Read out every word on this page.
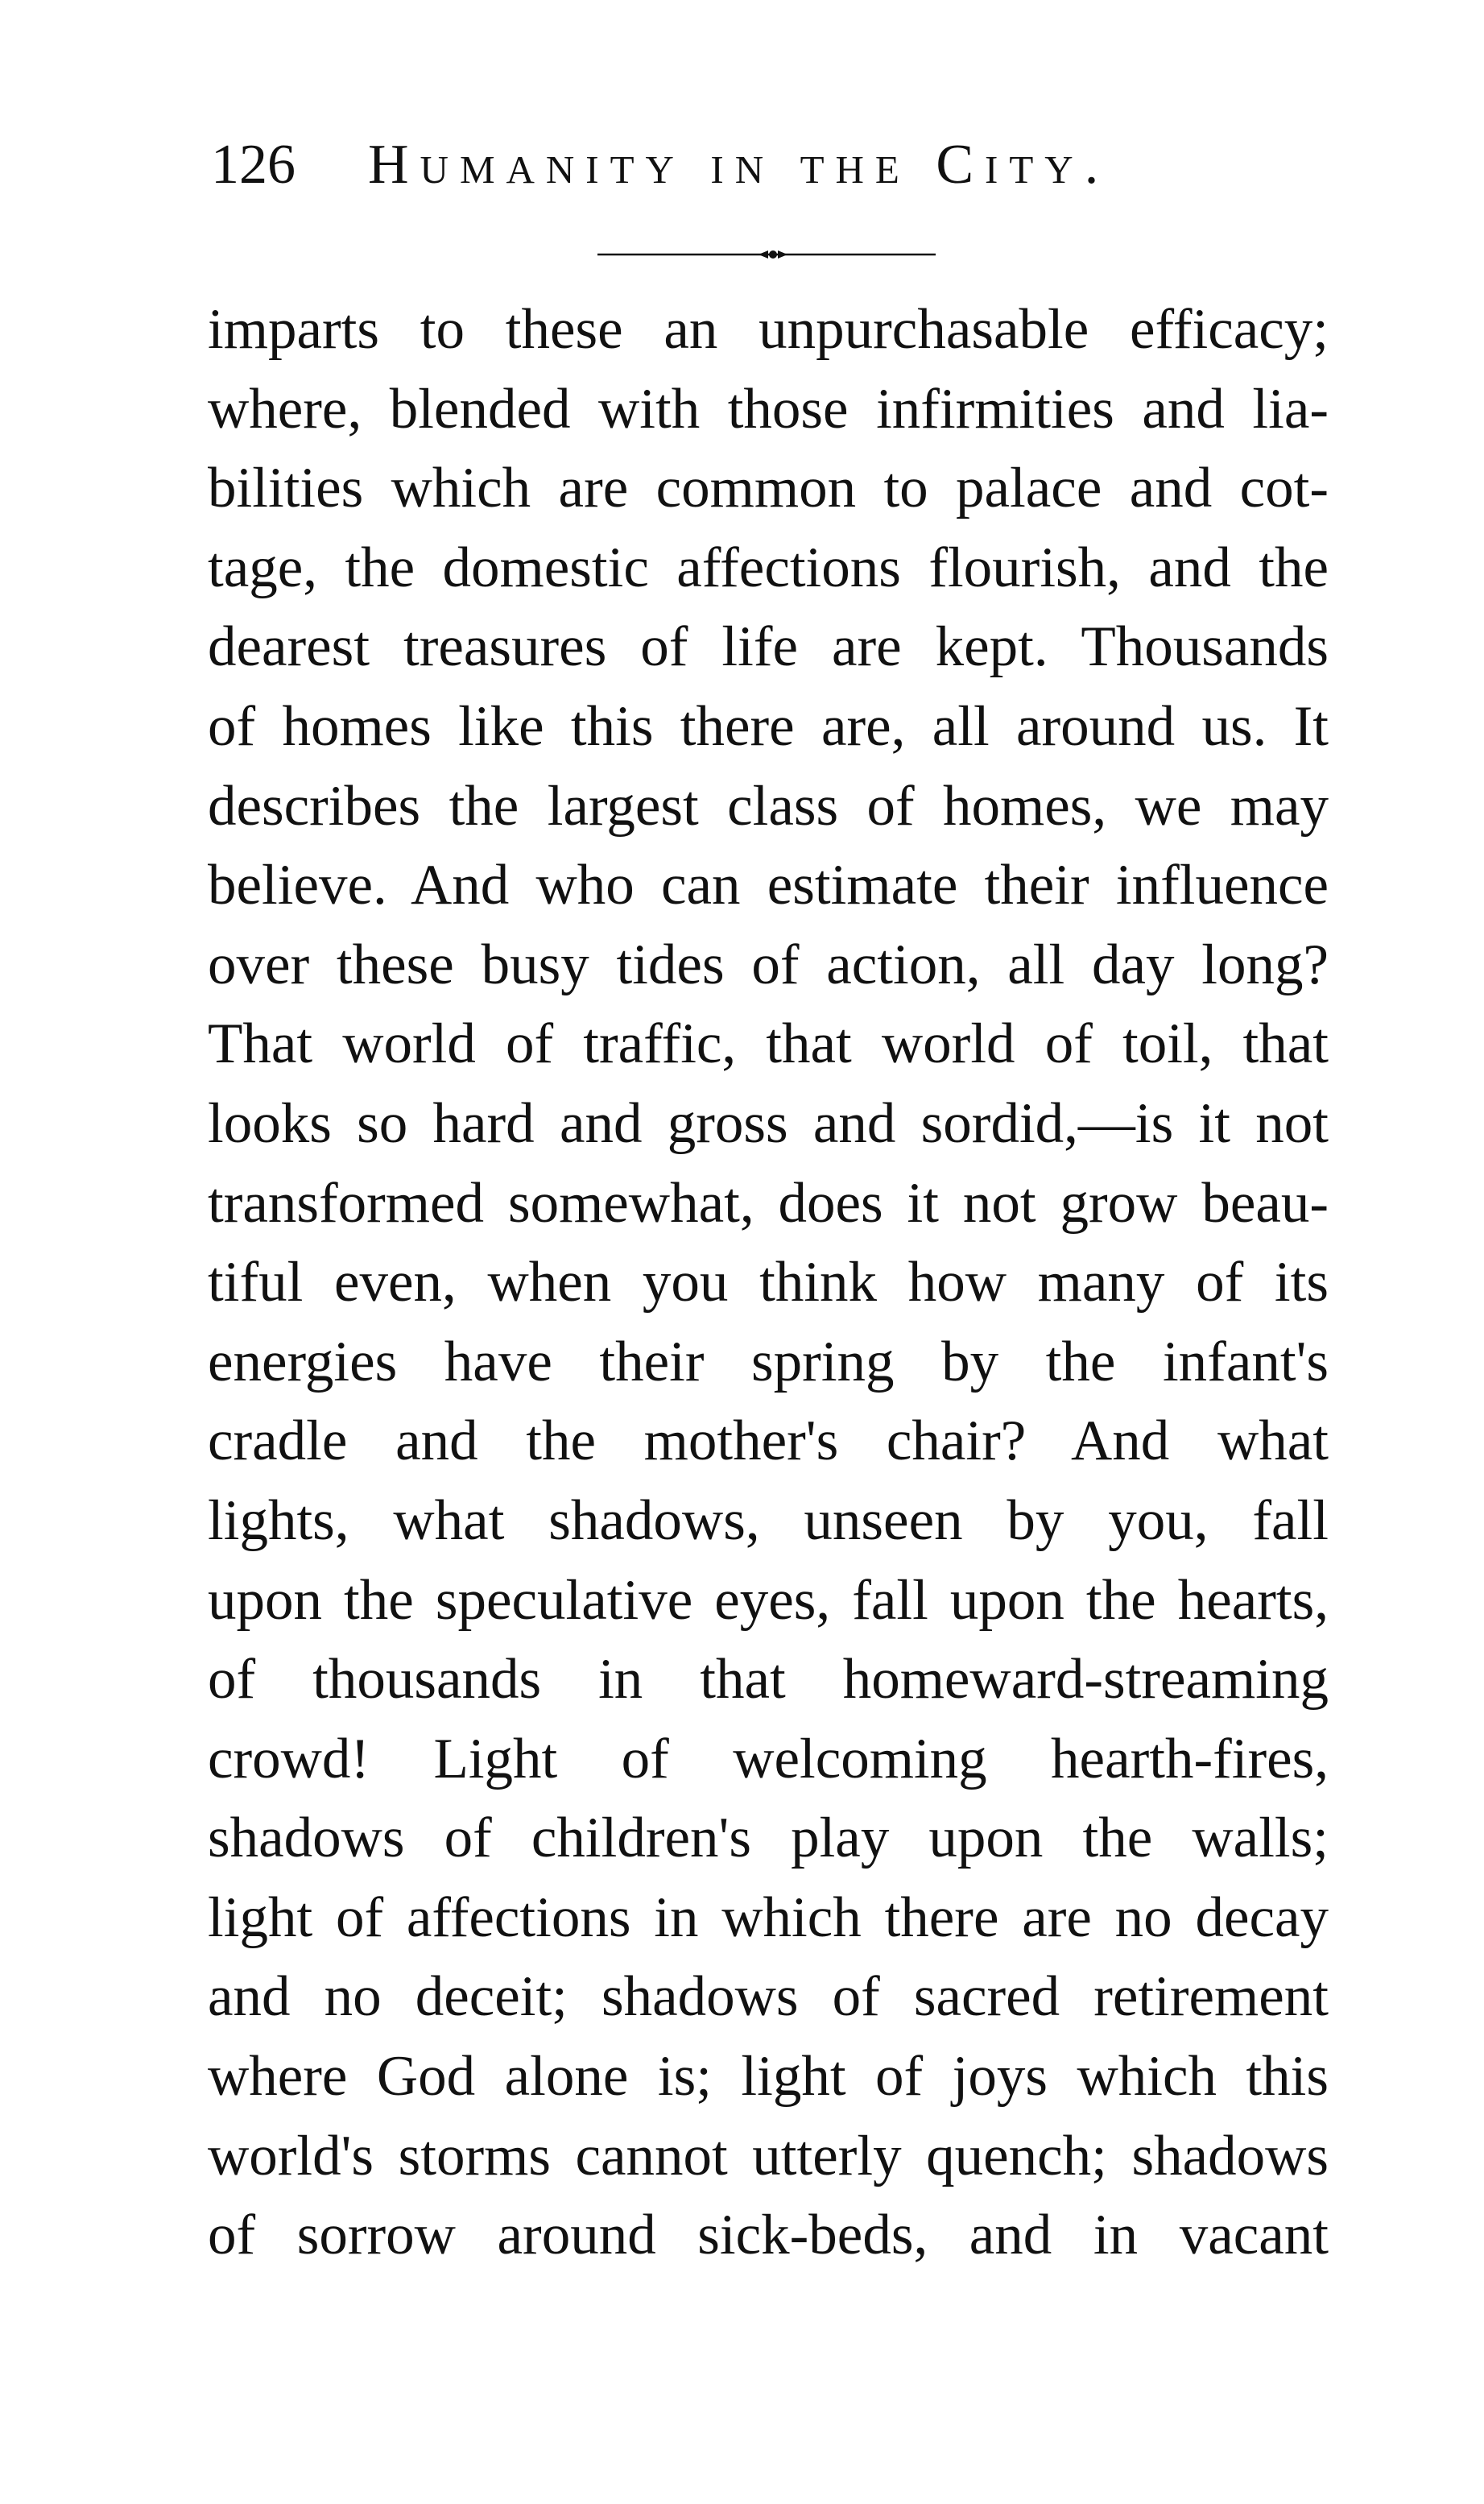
126 Humanity in the City.
imparts to these an unpurchasable efficacy;
where, blended with those infirmities and lia-
bilities which are common to palace and cot-
tage, the domestic affections flourish, and the
dearest treasures of life are kept. Thousands
of homes like this there are, all around us. It
describes the largest class of homes, we may
believe. And who can estimate their influence
over these busy tides of action, all day long?
That world of traffic, that world of toil, that
looks so hard and gross and sordid,—is it not
transformed somewhat, does it not grow beau-
tiful even, when you think how many of its
energies have their spring by the infant's
cradle and the mother's chair? And what
lights, what shadows, unseen by you, fall
upon the speculative eyes, fall upon the hearts,
of thousands in that homeward-streaming
crowd! Light of welcoming hearth-fires,
shadows of children's play upon the walls;
light of affections in which there are no decay
and no deceit; shadows of sacred retirement
where God alone is; light of joys which this
world's storms cannot utterly quench; shadows
of sorrow around sick-beds, and in vacant
